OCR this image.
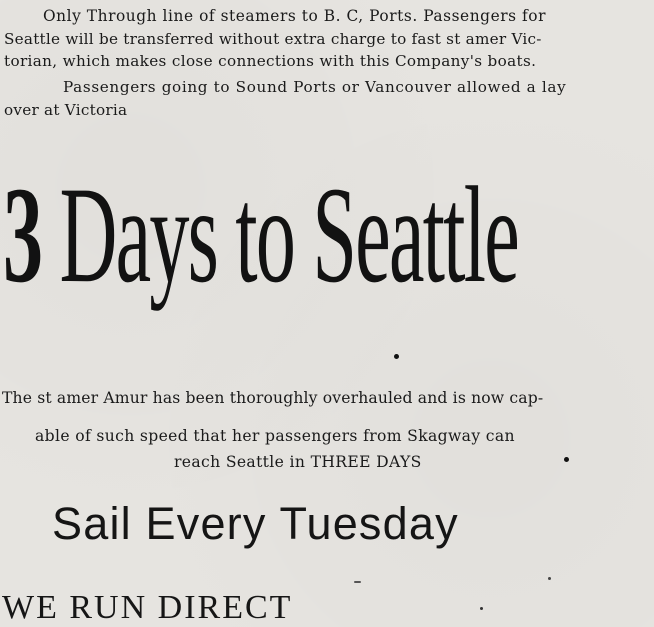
Only Through line of steamers to B. C, Ports. Passengers for

Seattle will be transferred without extra charge to fast st amer Vic-

torian, which makes close connections with this Company's boats.

Passengers going to Sound Ports or Vancouver allowed a lay

over at Victoria

3 Days to Seattle

The st amer Amur has been thoroughly overhauled and is now cap-

able of such speed that her passengers from Skagway can

reach Seattle in THREE DAYS

Sail Every Tuesday
WE RUN DIRECT
